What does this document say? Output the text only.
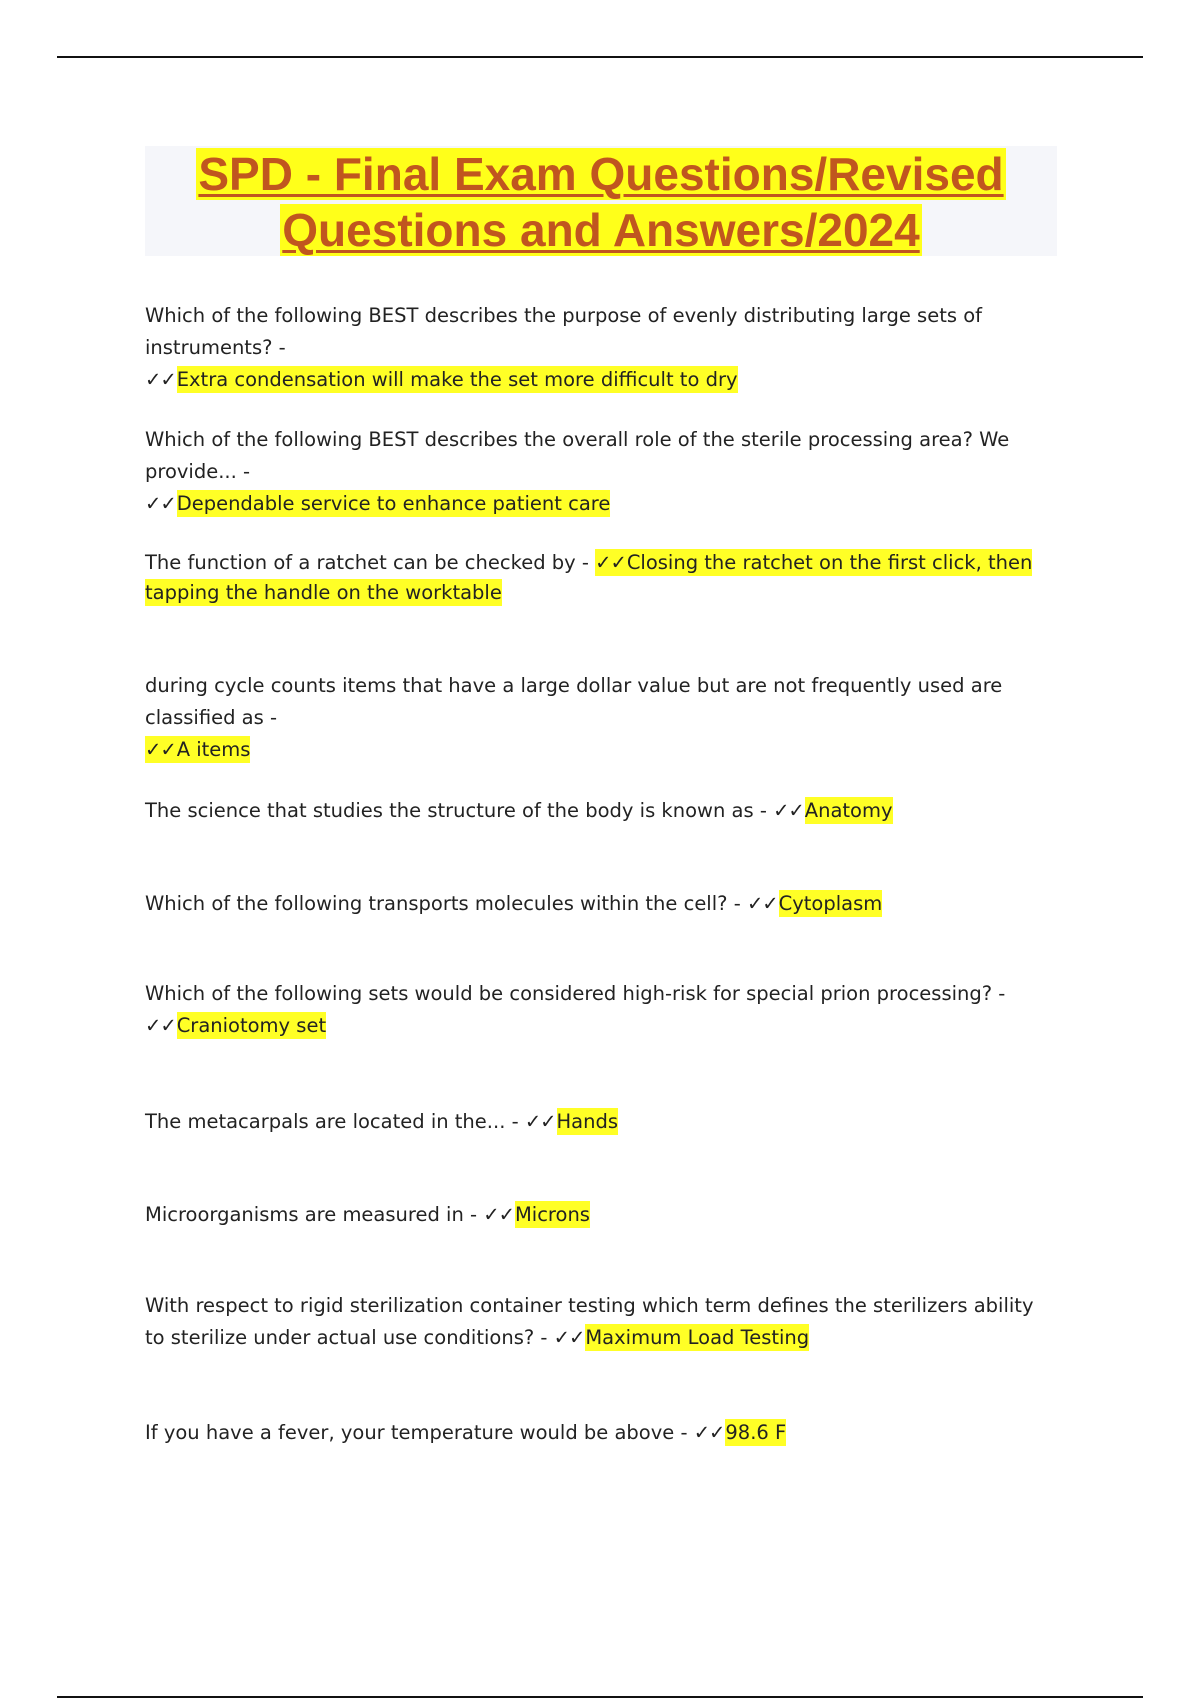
SPD - Final Exam Questions/Revised
Questions and Answers/2024
Which of the following BEST describes the purpose of evenly distributing large sets of instruments? -
✓✓Extra condensation will make the set more difficult to dry
Which of the following BEST describes the overall role of the sterile processing area? We provide... -
✓✓Dependable service to enhance patient care
The function of a ratchet can be checked by - ✓✓Closing the ratchet on the first click, then tapping the handle on the worktable
during cycle counts items that have a large dollar value but are not frequently used are classified as -
✓✓A items
The science that studies the structure of the body is known as - ✓✓Anatomy
Which of the following transports molecules within the cell? - ✓✓Cytoplasm
Which of the following sets would be considered high-risk for special prion processing? -
✓✓Craniotomy set
The metacarpals are located in the... - ✓✓Hands
Microorganisms are measured in - ✓✓Microns
With respect to rigid sterilization container testing which term defines the sterilizers ability to sterilize under actual use conditions? - ✓✓Maximum Load Testing
If you have a fever, your temperature would be above - ✓✓98.6 F
